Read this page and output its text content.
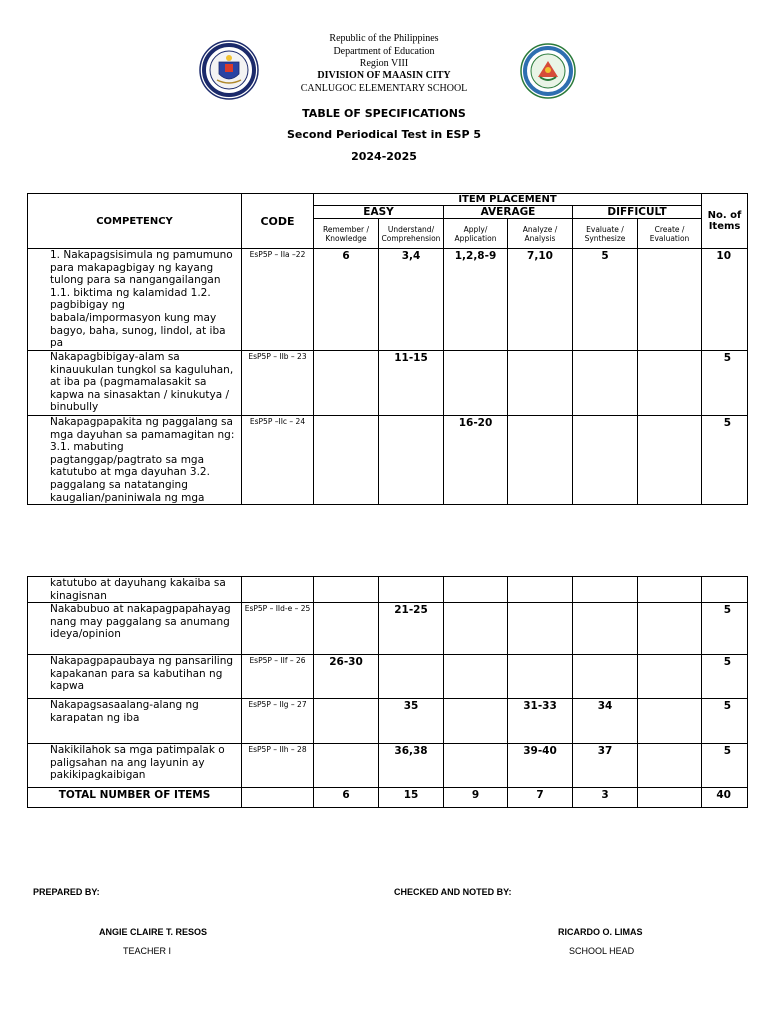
Republic of the Philippines
Department of Education
Region VIII
DIVISION OF MAASIN CITY
CANLUGOC ELEMENTARY SCHOOL
TABLE OF SPECIFICATIONS
Second Periodical Test in ESP 5
2024-2025
COMPETENCY	CODE	ITEM PLACEMENT						No. of Items
		EASY		AVERAGE		DIFFICULT		
		Remember / Knowledge	Understand/ Comprehension	Apply/ Application	Analyze / Analysis	Evaluate / Synthesize	Create / Evaluation	
1. Nakapagsisimula ng pamumuno para makapagbigay ng kayang tulong para sa nangangailangan 1.1. biktima ng kalamidad 1.2. pagbibigay ng babala/impormasyon kung may bagyo, baha, sunog, lindol, at iba pa	EsP5P – IIa –22	6	3,4	1,2,8-9	7,10	5		10
Nakapagbibigay-alam sa kinauukulan tungkol sa kaguluhan, at iba pa (pagmamalasakit sa kapwa na sinasaktan / kinukutya / binubully	EsP5P – IIb – 23		11-15					5
Nakapagpapakita ng paggalang sa mga dayuhan sa pamamagitan ng: 3.1. mabuting pagtanggap/pagtrato sa mga katutubo at mga dayuhan 3.2. paggalang sa natatanging kaugalian/paniniwala ng mga	EsP5P –IIc – 24			16-20				5
katutubo at dayuhang kakaiba sa kinagisnan								
Nakabubuo at nakapagpapahayag nang may paggalang sa anumang ideya/opinion	EsP5P – IId-e – 25		21-25					5
Nakapagpapaubaya ng pansariling kapakanan para sa kabutihan ng kapwa	EsP5P – IIf – 26	26-30						5
Nakapagsasaalang-alang ng karapatan ng iba	EsP5P – IIg – 27		35		31-33	34		5
Nakikilahok sa mga patimpalak o paligsahan na ang layunin ay pakikipagkaibigan	EsP5P – IIh – 28		36,38		39-40	37		5
TOTAL NUMBER OF ITEMS		6	15	9	7	3		40
PREPARED BY:	CHECKED AND NOTED BY:
ANGIE CLAIRE T. RESOS
TEACHER I
RICARDO O. LIMAS
SCHOOL HEAD
